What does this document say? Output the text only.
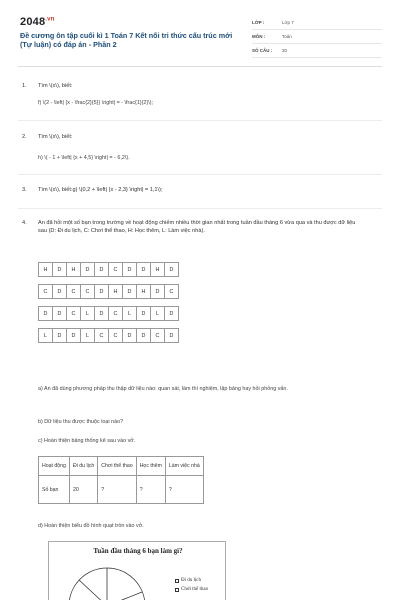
$2048^{.vn}$
Đề cương ôn tập cuối kì 1 Toán 7 Kết nối tri thức cấu trúc mới (Tự luận) có đáp án - Phần 2
LỚP :	Lớp 7
MÔN :	Toán
SỐ CÂU :	30
1.	Tìm \(x\), biết:
f) \(2 - \left| {x - \frac{2}{5}} \right| = - \frac{1}{2}\);
2.	Tìm \(x\), biết:
h) \( - 1 + \left| {x + 4,5} \right| = - 6,2\).
3.	Tìm \(x\), biết:g) \(0,2 + \left| {x - 2,3} \right| = 1,1\);
4.	An đã hỏi một số bạn trong trường về hoạt động chiếm nhiều thời gian nhất trong tuần đầu tháng 6 vừa qua và thu được dữ liệu sau (D: Đi du lịch, C: Chơi thể thao, H: Học thêm, L: Làm việc nhà).
H	D	H	D	D	C	D	D	H	D

C	D	C	C	D	H	D	H	D	C

D	D	C	L	D	C	L	D	L	D

L	D	D	L	C	C	D	D	C	D
a) An đã dùng phương pháp thu thập dữ liệu nào: quan sát, làm thí nghiệm, lập bảng hay hỏi phỏng vấn.
b) Dữ liệu thu được thuộc loại nào?
c) Hoàn thiện bảng thống kê sau vào vở.
Hoạt động	Đi du lịch	Chơi thể thao	Học thêm	Làm việc nhà
Số bạn	20	?	?	?
d) Hoàn thiện biểu đồ hình quạt tròn vào vở.
Tuần đầu tháng 6 bạn làm gì?
Đi du lịch
Chơi thể thao
